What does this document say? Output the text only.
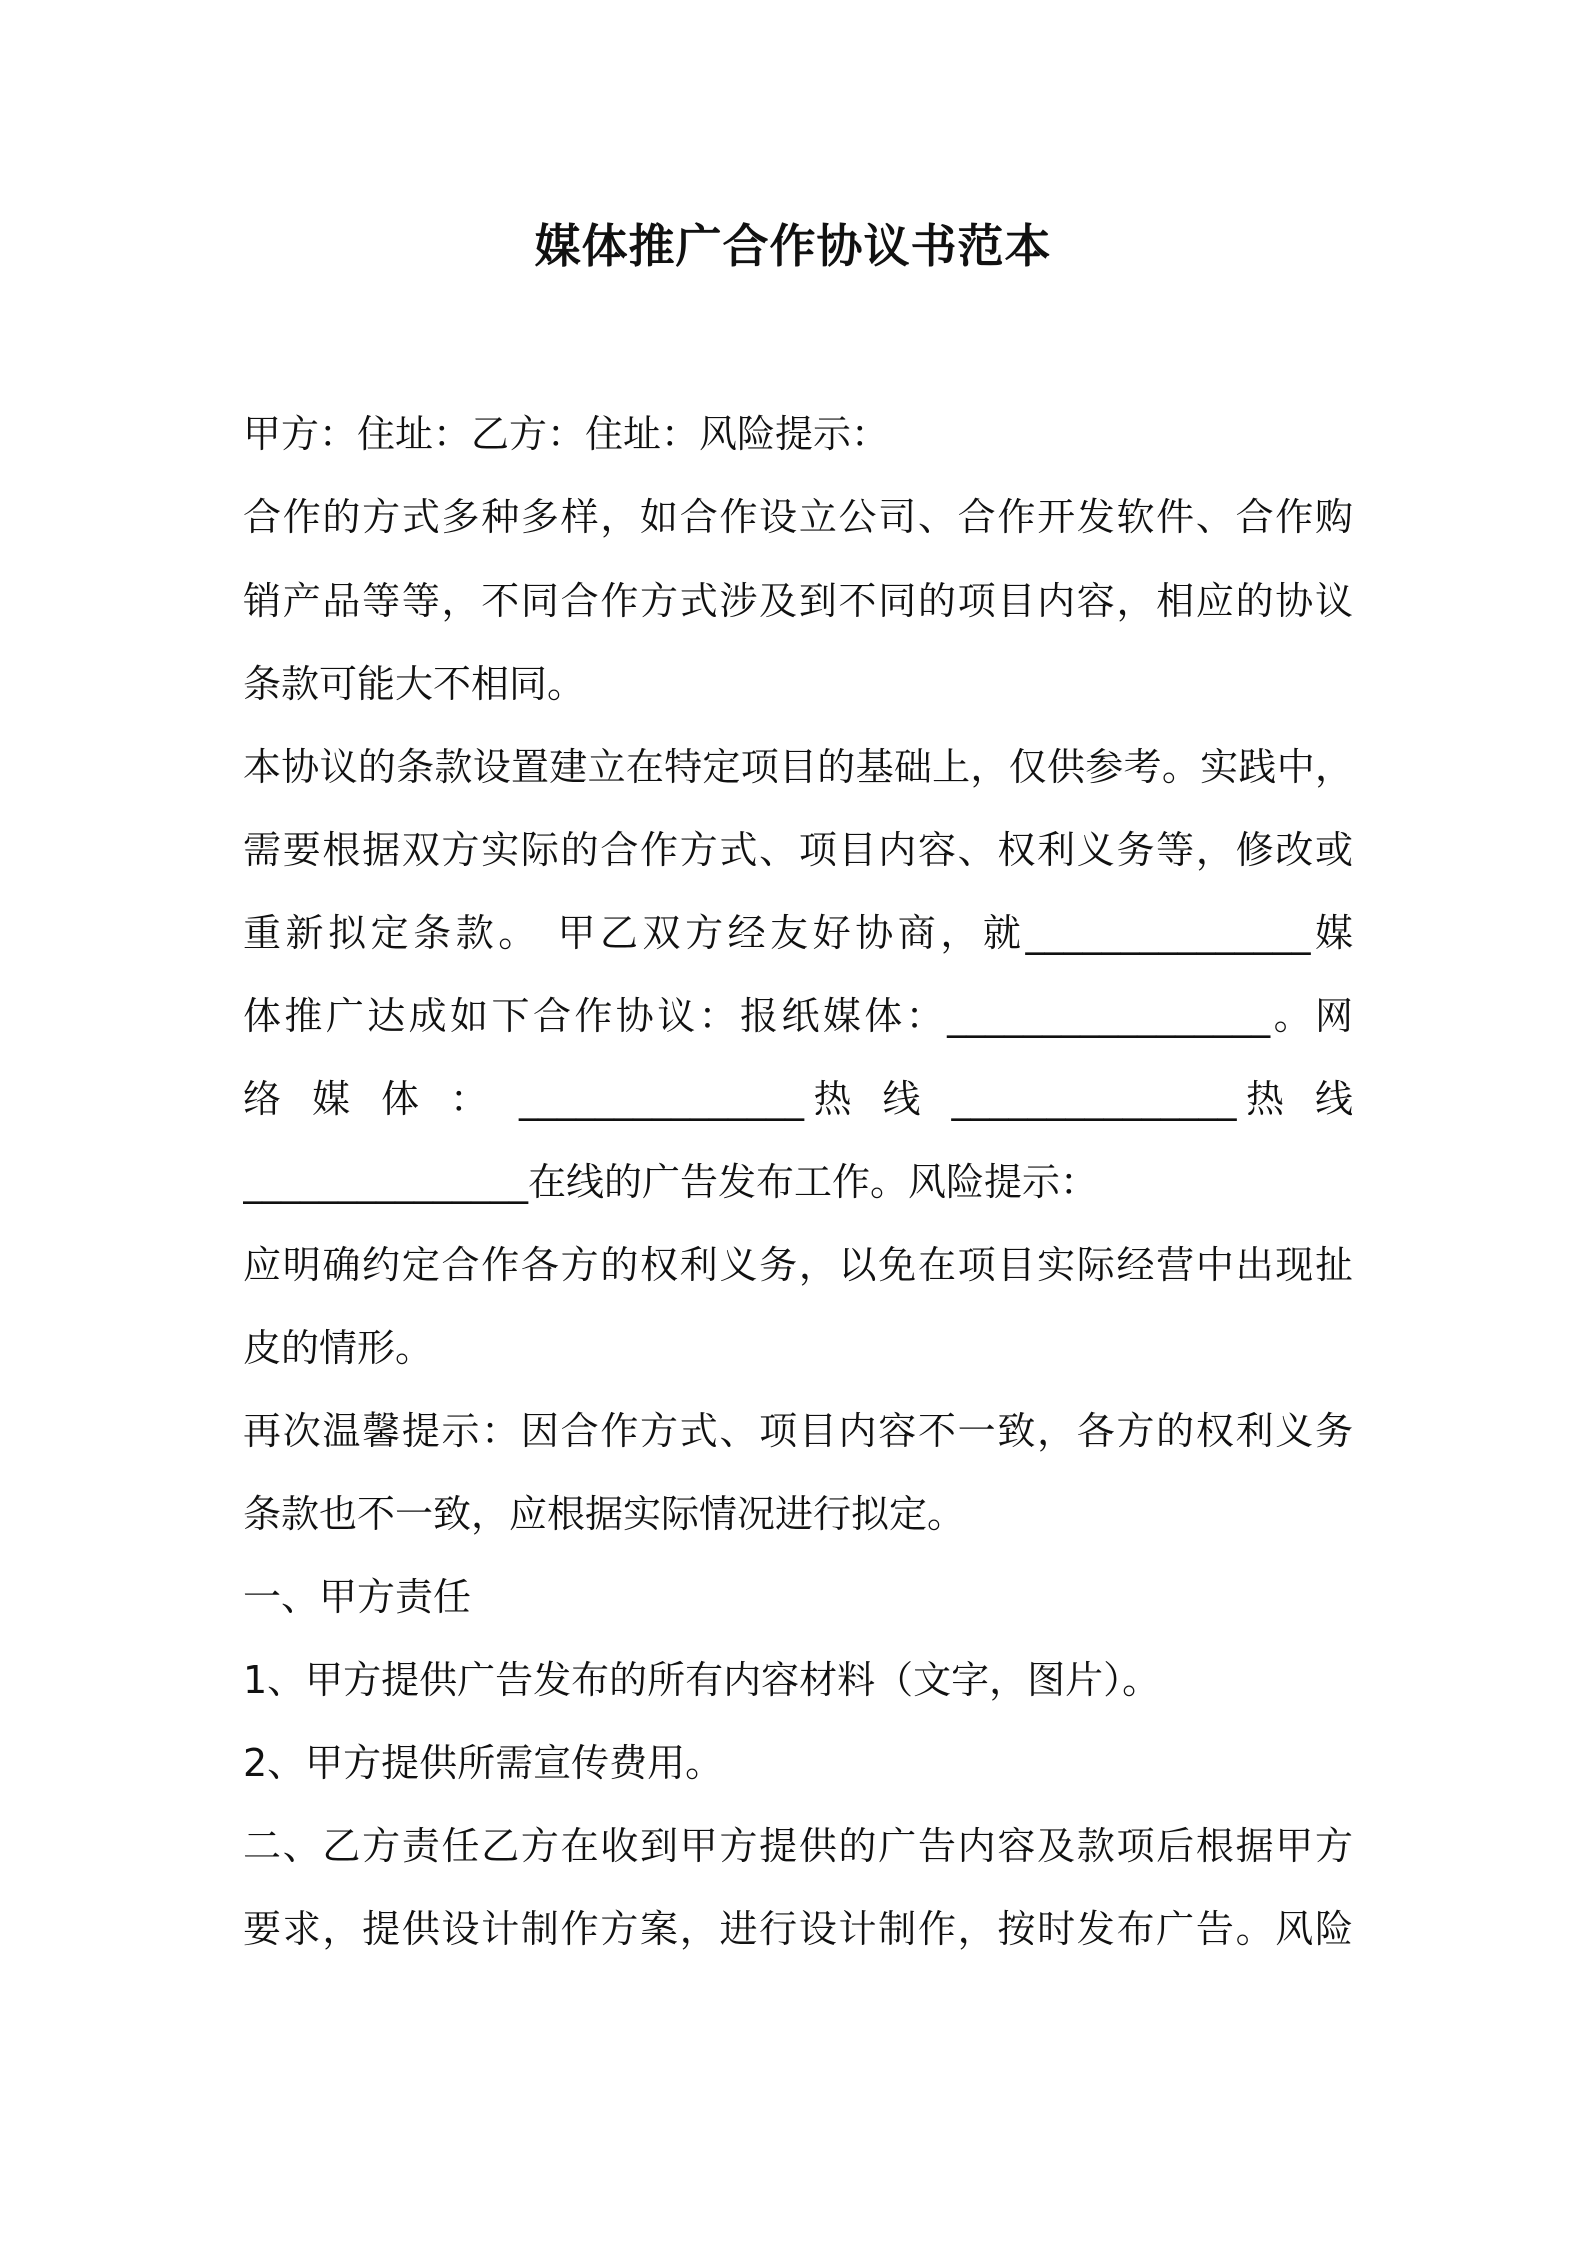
媒体推广合作协议书范本
甲方：住址：乙方：住址：风险提示：
合作的方式多种多样，如合作设立公司、合作开发软件、合作购
销产品等等，不同合作方式涉及到不同的项目内容，相应的协议
条款可能大不相同。
本协议的条款设置建立在特定项目的基础上，仅供参考。实践中，
需要根据双方实际的合作方式、项目内容、权利义务等，修改或
重新拟定条款。 甲乙双方经友好协商，就_______________媒
体推广达成如下合作协议：报纸媒体：_________________。网
络 媒 体 ： _______________热 线 _______________热 线
_______________在线的广告发布工作。风险提示：
应明确约定合作各方的权利义务，以免在项目实际经营中出现扯
皮的情形。
再次温馨提示：因合作方式、项目内容不一致，各方的权利义务
条款也不一致，应根据实际情况进行拟定。
一、甲方责任
1、甲方提供广告发布的所有内容材料（文字，图片）。
2、甲方提供所需宣传费用。
二、乙方责任乙方在收到甲方提供的广告内容及款项后根据甲方
要求，提供设计制作方案，进行设计制作，按时发布广告。风险
